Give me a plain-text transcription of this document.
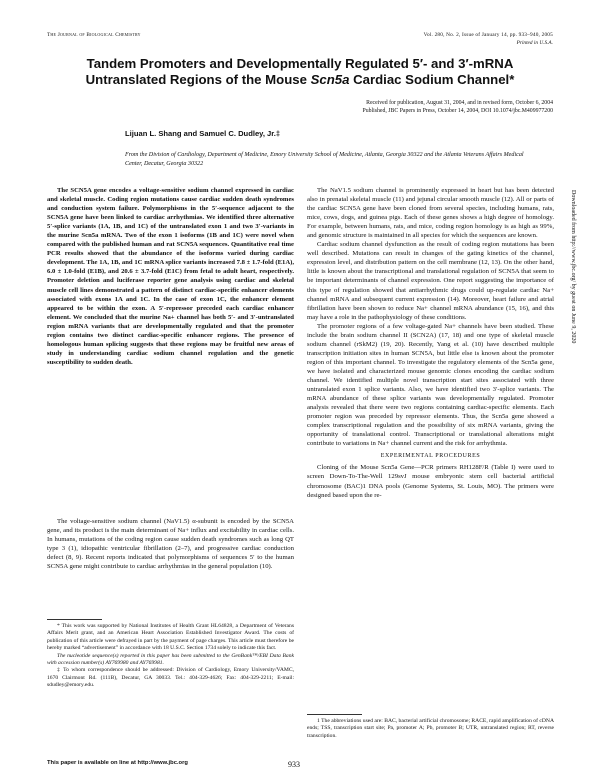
The Journal of Biological Chemistry	Vol. 280, No. 2, Issue of January 14, pp. 933–940, 2005
Printed in U.S.A.
Tandem Promoters and Developmentally Regulated 5′- and 3′-mRNA Untranslated Regions of the Mouse Scn5a Cardiac Sodium Channel*
Received for publication, August 31, 2004, and in revised form, October 6, 2004
Published, JBC Papers in Press, October 14, 2004, DOI 10.1074/jbc.M409977200
Lijuan L. Shang and Samuel C. Dudley, Jr.‡
From the Division of Cardiology, Department of Medicine, Emory University School of Medicine, Atlanta, Georgia 30322 and the Atlanta Veterans Affairs Medical Center, Decatur, Georgia 30322

The SCN5A gene encodes a voltage-sensitive sodium channel expressed in cardiac and skeletal muscle. Coding region mutations cause cardiac sudden death syndromes and conduction system failure. Polymorphisms in the 5′-sequence adjacent to the SCN5A gene have been linked to cardiac arrhythmias. We identified three alternative 5′-splice variants (1A, 1B, and 1C) of the untranslated exon 1 and two 3′-variants in the murine Scn5a mRNA. Two of the exon 1 isoforms (1B and 1C) were novel when compared with the published human and rat SCN5A sequences. Quantitative real time PCR results showed that the abundance of the isoforms varied during cardiac development. The 1A, 1B, and 1C mRNA splice variants increased 7.8 ± 1.7-fold (E1A), 6.0 ± 1.0-fold (E1B), and 20.6 ± 3.7-fold (E1C) from fetal to adult heart, respectively. Promoter deletion and luciferase reporter gene analysis using cardiac and skeletal muscle cell lines demonstrated a pattern of distinct cardiac-specific enhancer elements associated with exons 1A and 1C. In the case of exon 1C, the enhancer element appeared to be within the exon. A 5′-repressor preceded each cardiac enhancer element. We concluded that the murine Na+ channel has both 5′- and 3′-untranslated region mRNA variants that are developmentally regulated and that the promoter region contains two distinct cardiac-specific enhancer regions. The presence of homologous human splicing suggests that these regions may be fruitful new areas of study in understanding cardiac sodium channel regulation and the genetic susceptibility to sudden death.

The voltage-sensitive sodium channel (NaV1.5) α-subunit is encoded by the SCN5A gene, and its product is the main determinant of Na+ influx and excitability in cardiac cells. In humans, mutations of the coding region cause sudden death syndromes such as long QT type 3 (1), idiopathic ventricular fibrillation (2–7), and progressive cardiac conduction defect (8, 9). Recent reports indicated that polymorphisms of sequences 5′ to the human SCN5A gene might contribute to cardiac arrhythmias in the general population (10).

* This work was supported by National Institutes of Health Grant HL64828, a Department of Veterans Affairs Merit grant, and an American Heart Association Established Investigator Award. The costs of publication of this article were defrayed in part by the payment of page charges. This article must therefore be hereby marked “advertisement” in accordance with 18 U.S.C. Section 1734 solely to indicate this fact.
The nucleotide sequence(s) reported in this paper has been submitted to the GenBank™/EBI Data Bank with accession number(s) AY769980 and AY769981.
‡ To whom correspondence should be addressed: Division of Cardiology, Emory University/VAMC, 1670 Clairmont Rd. (111B), Decatur, GA 30033. Tel.: 404-329-4626; Fax: 404-329-2211; E-mail: sdudley@emory.edu.

The NaV1.5 sodium channel is prominently expressed in heart but has been detected also in prenatal skeletal muscle (11) and jejunal circular smooth muscle (12). All or parts of the cardiac SCN5A gene have been cloned from several species, including humans, rats, mice, cows, dogs, and guinea pigs. Each of these genes shows a high degree of homology. For example, between humans, rats, and mice, coding region homology is as high as 99%, and genomic structure is maintained in all species for which the sequences are known.

Cardiac sodium channel dysfunction as the result of coding region mutations has been well described. Mutations can result in changes of the gating kinetics of the channel, expression level, and distribution pattern on the cell membrane (12, 13). On the other hand, little is known about the transcriptional and translational regulation of SCN5A that seem to be important determinants of channel expression. One report suggesting the importance of this type of regulation showed that antiarrhythmic drugs could up-regulate cardiac Na+ channel mRNA and subsequent current expression (14). Moreover, heart failure and atrial fibrillation have been shown to reduce Na+ channel mRNA abundance (15, 16), and this may have a role in the pathophysiology of these conditions.

The promoter regions of a few voltage-gated Na+ channels have been studied. These include the brain sodium channel II (SCN2A) (17, 18) and one type of skeletal muscle sodium channel (rSkM2) (19, 20). Recently, Yang et al. (10) have described multiple transcription initiation sites in human SCN5A, but little else is known about the promoter region of this important channel. To investigate the regulatory elements of the Scn5a gene, we have isolated and characterized mouse genomic clones encoding the cardiac sodium channel. We identified multiple novel transcription start sites associated with three untranslated exon 1 splice variants. Also, we have identified two 3′-splice variants. The mRNA abundance of these splice variants was developmentally regulated. Promoter analysis revealed that there were two regions containing cardiac-specific elements. Each promoter region was preceded by repressor elements. Thus, the Scn5a gene showed a complex transcriptional regulation and the possibility of six mRNA variants, giving the opportunity of translational control. Transcriptional or translational alterations might contribute to variations in Na+ channel current and the risk for arrhythmia.

EXPERIMENTAL PROCEDURES

Cloning of the Mouse Scn5a Gene—PCR primers RH128F/R (Table I) were used to screen Down-To-The-Well 129svJ mouse embryonic stem cell bacterial artificial chromosome (BAC)1 DNA pools (Genome Systems, St. Louis, MO). The primers were designed based upon the re-

1 The abbreviations used are: BAC, bacterial artificial chromosome; RACE, rapid amplification of cDNA ends; TSS, transcription start site; Pa, promoter A; Pb, promoter B; UTR, untranslated region; RT, reverse transcription.
This paper is available on line at http://www.jbc.org	933
Downloaded from http://www.jbc.org/ by guest on June 9, 2020
